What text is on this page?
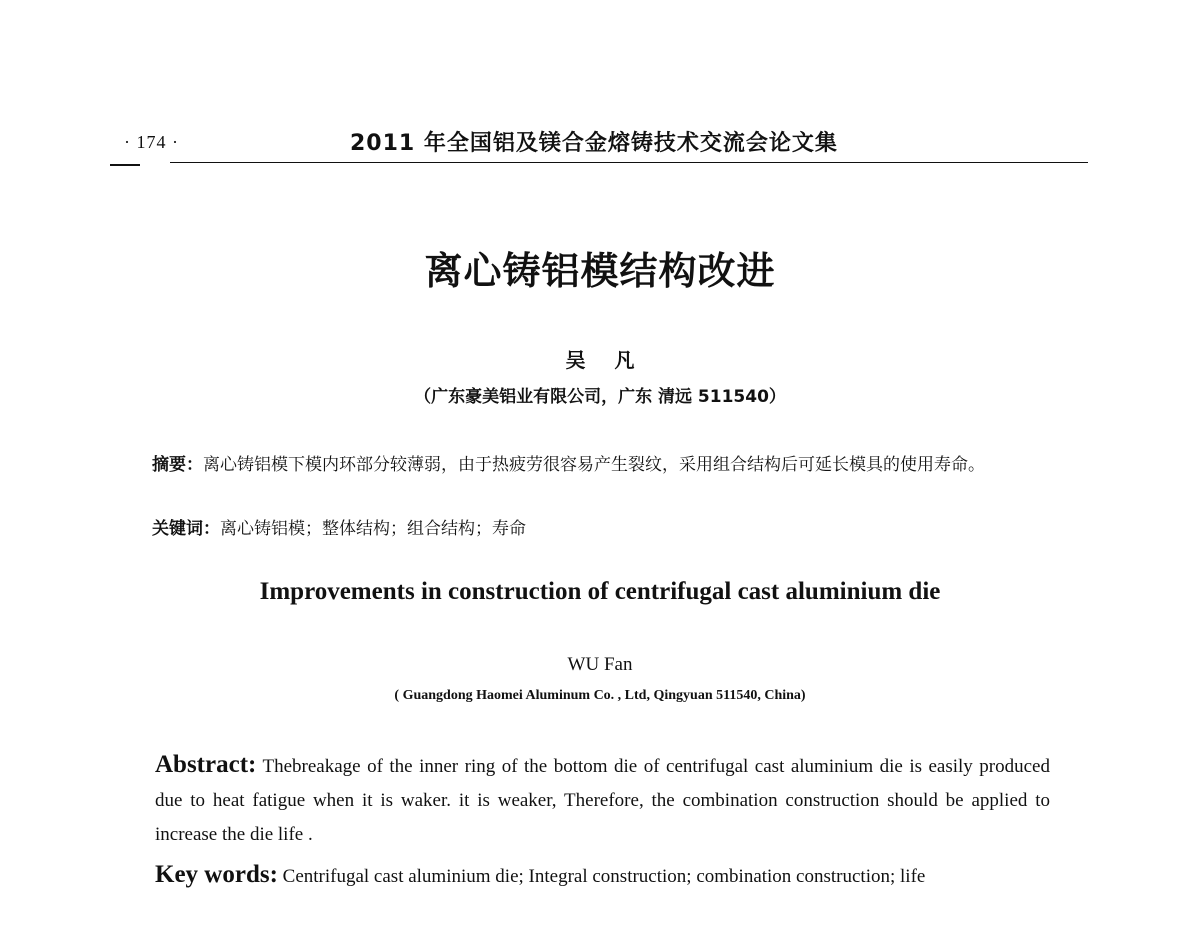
· 174 ·	2011 年全国铝及镁合金熔铸技术交流会论文集
离心铸铝模结构改进
吴 凡
（广东豪美铝业有限公司，广东 清远 511540）
摘要：离心铸铝模下模内环部分较薄弱，由于热疲劳很容易产生裂纹，采用组合结构后可延长模具的使用寿命。
关键词：离心铸铝模；整体结构；组合结构；寿命
Improvements in construction of centrifugal cast aluminium die
WU Fan
( Guangdong Haomei Aluminum Co. , Ltd, Qingyuan 511540, China)
Abstract: Thebreakage of the inner ring of the bottom die of centrifugal cast aluminium die is easily produced due to heat fatigue when it is waker. it is weaker, Therefore, the combination construction should be applied to increase the die life .
Key words: Centrifugal cast aluminium die; Integral construction; combination construction; life
